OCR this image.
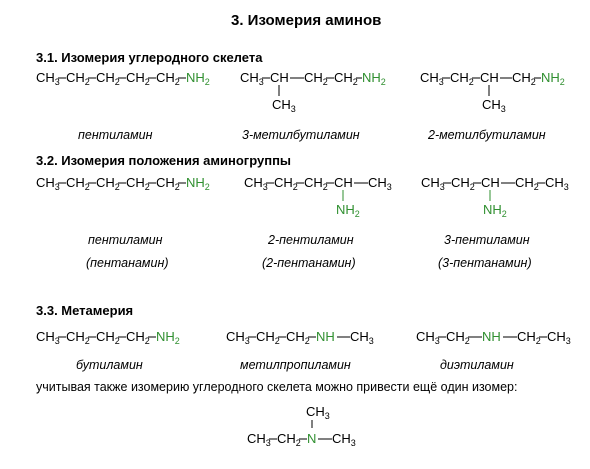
3. Изомерия аминов
3.1. Изомерия углеродного скелета
3.2. Изомерия положения аминогруппы
3.3. Метамерия
пентиламин	3-метилбутиламин	2-метилбутиламин
пентиламин	2-пентиламин	3-пентиламин
(пентанамин)	(2-пентанамин)	(3-пентанамин)
бутиламин	метилпропиламин	диэтиламин
учитывая также изомерию углеродного скелета можно привести ещё один изомер:
$CH_3$ $CH_2$ $CH_2$ $CH_2$ $CH_2$ $NH_2$ $CH_3$ CH $CH_2$ $CH_2$ $NH_2$
$CH_3$
$CH_3$ $CH_2$ CH $CH_2$ $NH_2$
$CH_3$
$CH_3$ $CH_2$ $CH_2$ $CH_2$ $CH_2$ $NH_2$	$CH_3$ $CH_2$ $CH_2$ CH $CH_3$
$NH_2$
$CH_3$ $CH_2$ CH $CH_2$ $CH_3$
$NH_2$
$CH_3$ $CH_2$ $CH_2$ $CH_2$ $NH_2$	$CH_3$ $CH_2$ $CH_2$ NH $CH_3$	$CH_3$ $CH_2$ NH $CH_2$ $CH_3$
$CH_3$ $CH_2$ N $CH_3$
$CH_3$
